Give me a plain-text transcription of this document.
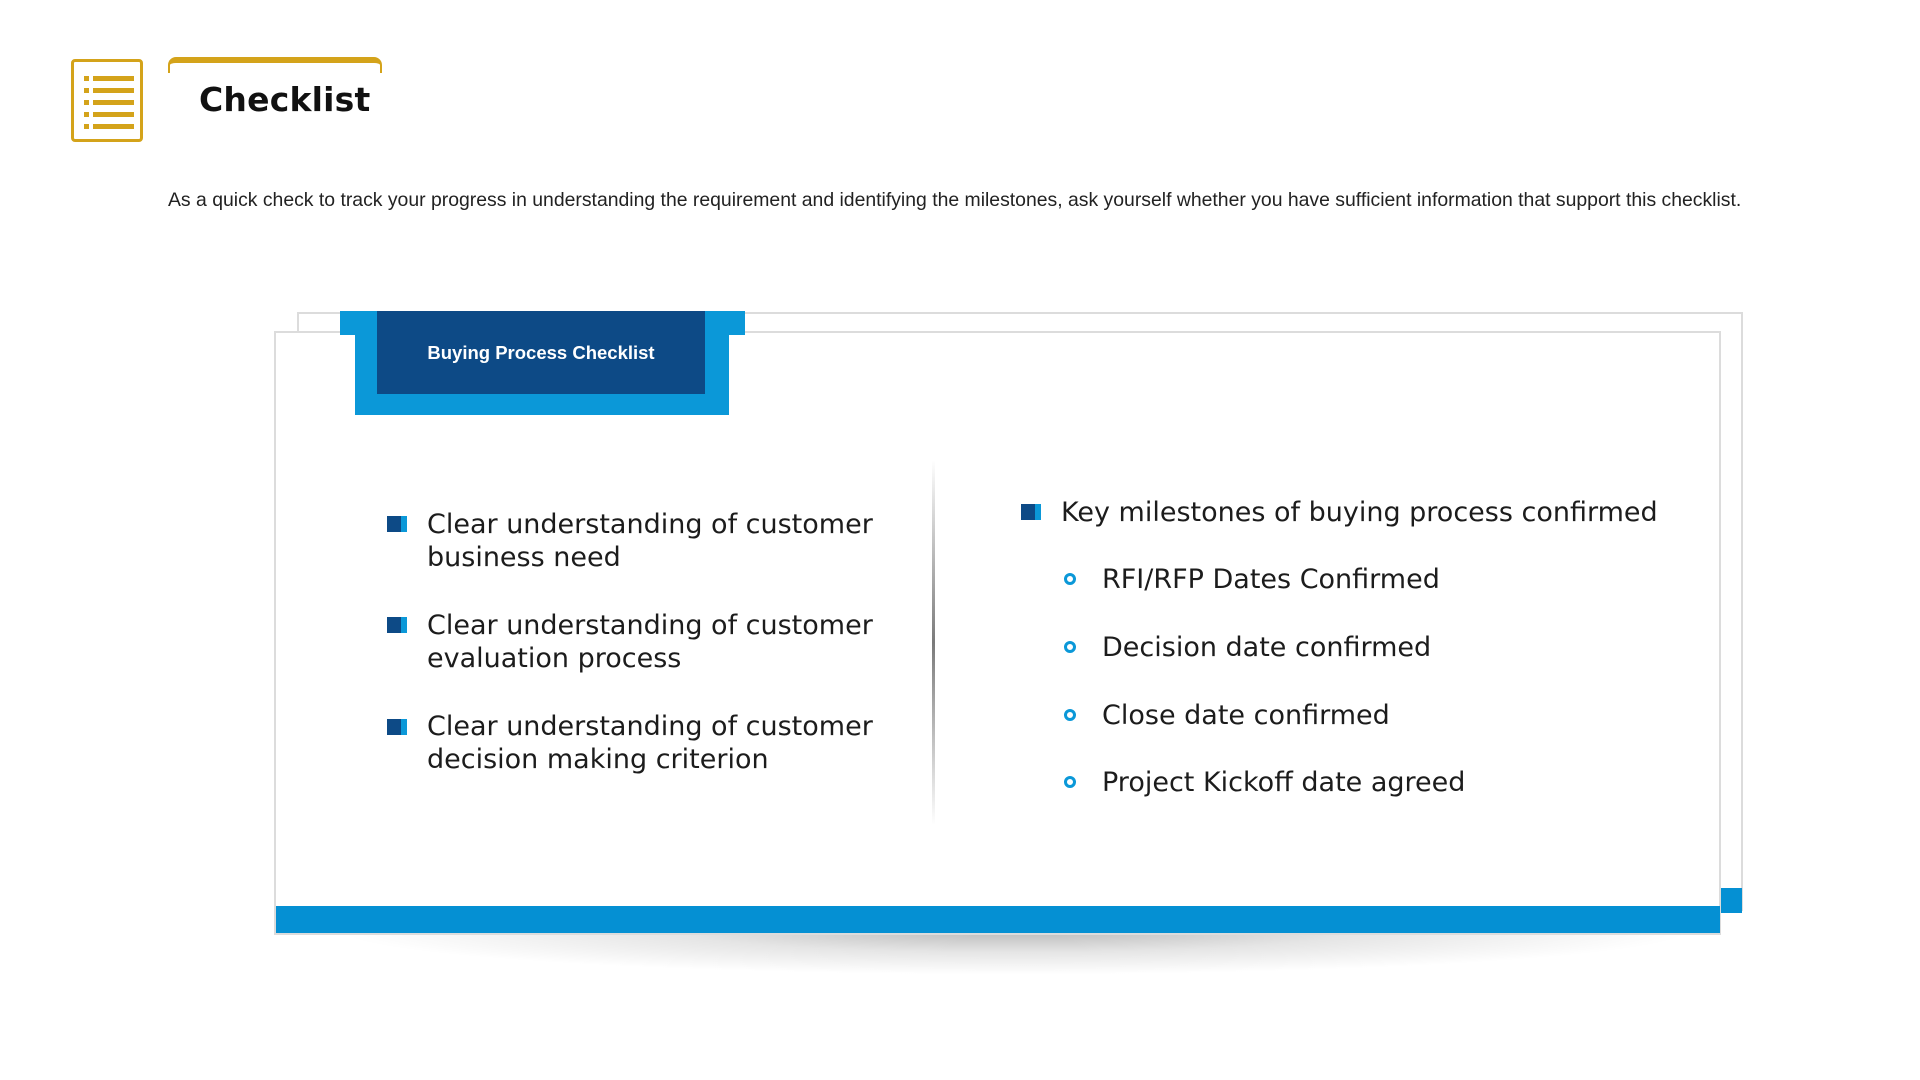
Checklist
As a quick check to track your progress in understanding the requirement and identifying the milestones, ask yourself whether you have sufficient information that support this checklist.
Buying Process Checklist
Clear understanding of customer
business need
Clear understanding of customer
evaluation process
Clear understanding of customer
decision making criterion
Key milestones of buying process confirmed
RFI/RFP Dates Confirmed
Decision date confirmed
Close date confirmed
Project Kickoff date agreed
